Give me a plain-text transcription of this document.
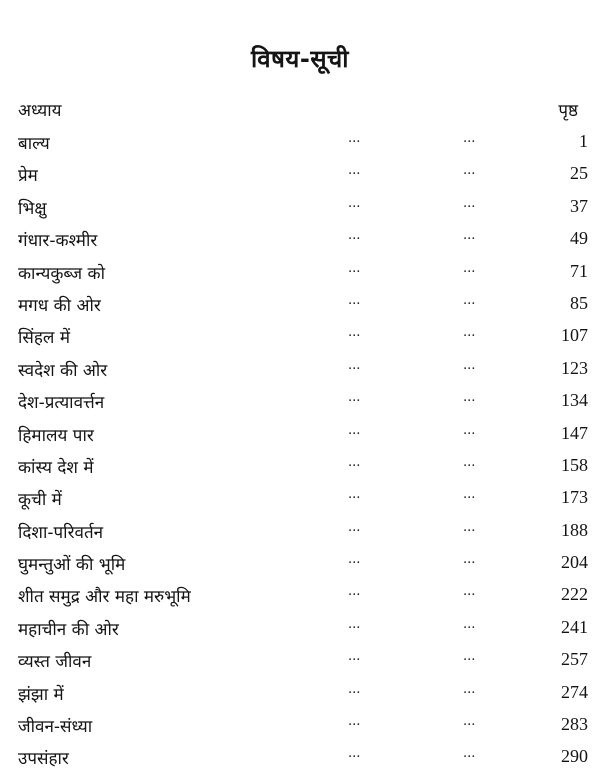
विषय-सूची
अध्याय	पृष्ठ
बाल्य	...	...	1
प्रेम	...	...	25
भिक्षु	...	...	37
गंधार-कश्मीर	...	...	49
कान्यकुब्ज को	...	...	71
मगध की ओर	...	...	85
सिंहल में	...	...	107
स्वदेश की ओर	...	...	123
देश-प्रत्यावर्त्तन	...	...	134
हिमालय पार	...	...	147
कांस्य देश में	...	...	158
कूची में	...	...	173
दिशा-परिवर्तन	...	...	188
घुमन्तुओं की भूमि	...	...	204
शीत समुद्र और महा मरुभूमि	...	...	222
महाचीन की ओर	...	...	241
व्यस्त जीवन	...	...	257
झंझा में	...	...	274
जीवन-संध्या	...	...	283
उपसंहार	...	...	290
